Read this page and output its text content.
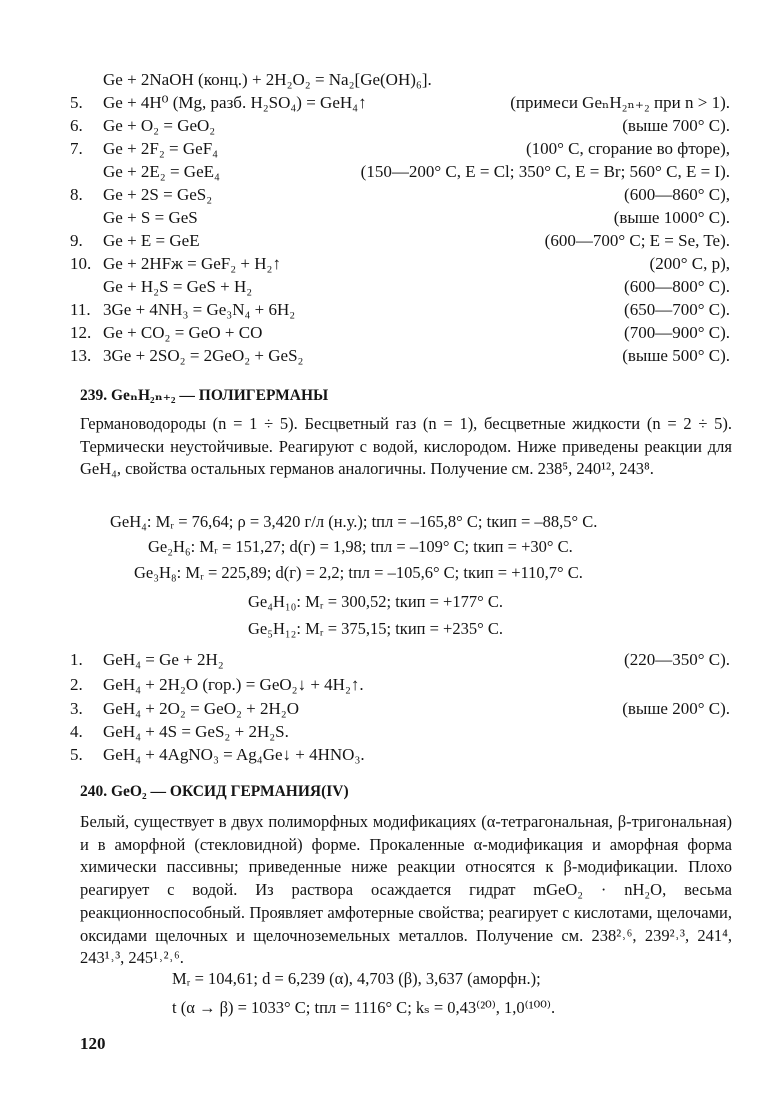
Ge + 2NaOH (конц.) + 2H₂O₂ = Na₂[Ge(OH)₆].
5.	Ge + 4H⁰ (Mg, разб. H₂SO₄) = GeH₄↑	(примеси GeₙH₂ₙ₊₂ при n > 1).
6.	Ge + O₂ = GeO₂	(выше 700° C).
7.	Ge + 2F₂ = GeF₄	(100° C, сгорание во фторе),
Ge + 2E₂ = GeE₄	(150—200° C, E = Cl; 350° C, E = Br; 560° C, E = I).
8.	Ge + 2S = GeS₂	(600—860° C),
Ge + S = GeS	(выше 1000° C).
9.	Ge + E = GeE	(600—700° C; E = Se, Te).
10. Ge + 2HFж = GeF₂ + H₂↑	(200° C, p),
Ge + H₂S = GeS + H₂	(600—800° C).
11. 3Ge + 4NH₃ = Ge₃N₄ + 6H₂	(650—700° C).
12. Ge + CO₂ = GeO + CO	(700—900° C).
13. 3Ge + 2SO₂ = 2GeO₂ + GeS₂	(выше 500° C).
239. GeₙH₂ₙ₊₂ — ПОЛИГЕРМАНЫ
Германоводороды (n = 1 ÷ 5). Бесцветный газ (n = 1), бесцветные жидкости (n = 2 ÷ 5). Термически неустойчивые. Реагируют с водой, кислородом. Ниже приведены реакции для GeH₄, свойства остальных германов аналогичны. Получение см. 238⁵, 240¹², 243⁸.
GeH₄: Mᵣ = 76,64; ρ = 3,420 г/л (н.у.); tпл = –165,8° C; tкип = –88,5° C.
Ge₂H₆: Mᵣ = 151,27; d(г) = 1,98; tпл = –109° C; tкип = +30° C.
Ge₃H₈: Mᵣ = 225,89; d(г) = 2,2; tпл = –105,6° C; tкип = +110,7° C.
Ge₄H₁₀: Mᵣ = 300,52; tкип = +177° C.
Ge₅H₁₂: Mᵣ = 375,15; tкип = +235° C.
1.	GeH₄ = Ge + 2H₂	(220—350° C).
2.	GeH₄ + 2H₂O (гор.) = GeO₂↓ + 4H₂↑.
3.	GeH₄ + 2O₂ = GeO₂ + 2H₂O	(выше 200° C).
4.	GeH₄ + 4S = GeS₂ + 2H₂S.
5.	GeH₄ + 4AgNO₃ = Ag₄Ge↓ + 4HNO₃.
240. GeO₂ — ОКСИД ГЕРМАНИЯ(IV)
Белый, существует в двух полиморфных модификациях (α-тетрагональная, β-тригональная) и в аморфной (стекловидной) форме. Прокаленные α-модификация и аморфная форма химически пассивны; приведенные ниже реакции относятся к β-модификации. Плохо реагирует с водой. Из раствора осаждается гидрат mGeO₂ · nH₂O, весьма реакционноспособный. Проявляет амфотерные свойства; реагирует с кислотами, щелочами, оксидами щелочных и щелочноземельных металлов. Получение см. 238²˒⁶, 239²˒³, 241⁴, 243¹˒³, 245¹˒²˒⁶.
Mᵣ = 104,61; d = 6,239 (α), 4,703 (β), 3,637 (аморфн.);
t (α → β) = 1033° C; tпл = 1116° C; kₛ = 0,43⁽²⁰⁾, 1,0⁽¹⁰⁰⁾.
120
